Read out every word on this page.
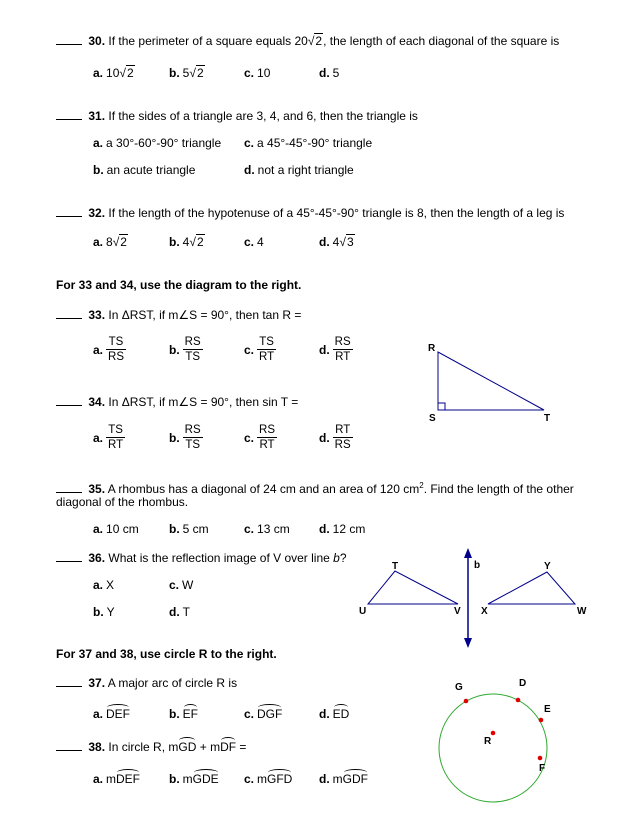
30. If the perimeter of a square equals 20√2, the length of each diagonal of the square is
a. 10√2	b. 5√2	c. 10	d. 5
31. If the sides of a triangle are 3, 4, and 6, then the triangle is
a. a 30°-60°-90° triangle c. a 45°-45°-90° triangle
b. an acute triangle	d. not a right triangle
32. If the length of the hypotenuse of a 45°-45°-90° triangle is 8, then the length of a leg is
a. 8√2	b. 4√2	c. 4	d. 4√3
For 33 and 34, use the diagram to the right.
33. In ΔRST, if m∠S = 90°, then tan R =
a. $\frac{TS}{RS}$	b. $\frac{RS}{TS}$	c. $\frac{TS}{RT}$	d. $\frac{RS}{RT}$
34. In ΔRST, if m∠S = 90°, then sin T =
a. $\frac{TS}{RT}$	b. $\frac{RS}{TS}$	c. $\frac{RS}{RT}$	d. $\frac{RT}{RS}$
R
S	T
35. A rhombus has a diagonal of 24 cm and an area of 120 $cm^2$. Find the length of the other
diagonal of the rhombus.
a. 10 cm	b. 5 cm	c. 13 cm d. 12 cm
36. What is the reflection image of V over line b?
a. X	c. W
b. Y	d. T
T
U	V
b	Y
X	W
For 37 and 38, use circle R to the right.
37. A major arc of circle R is
a. DEF	b. EF	c. DGF	d. ED
38. In circle R, mGD + mDF =
a. mDEF b. mGDE c. mGFD d. mGDF
G	D
E
R
F
